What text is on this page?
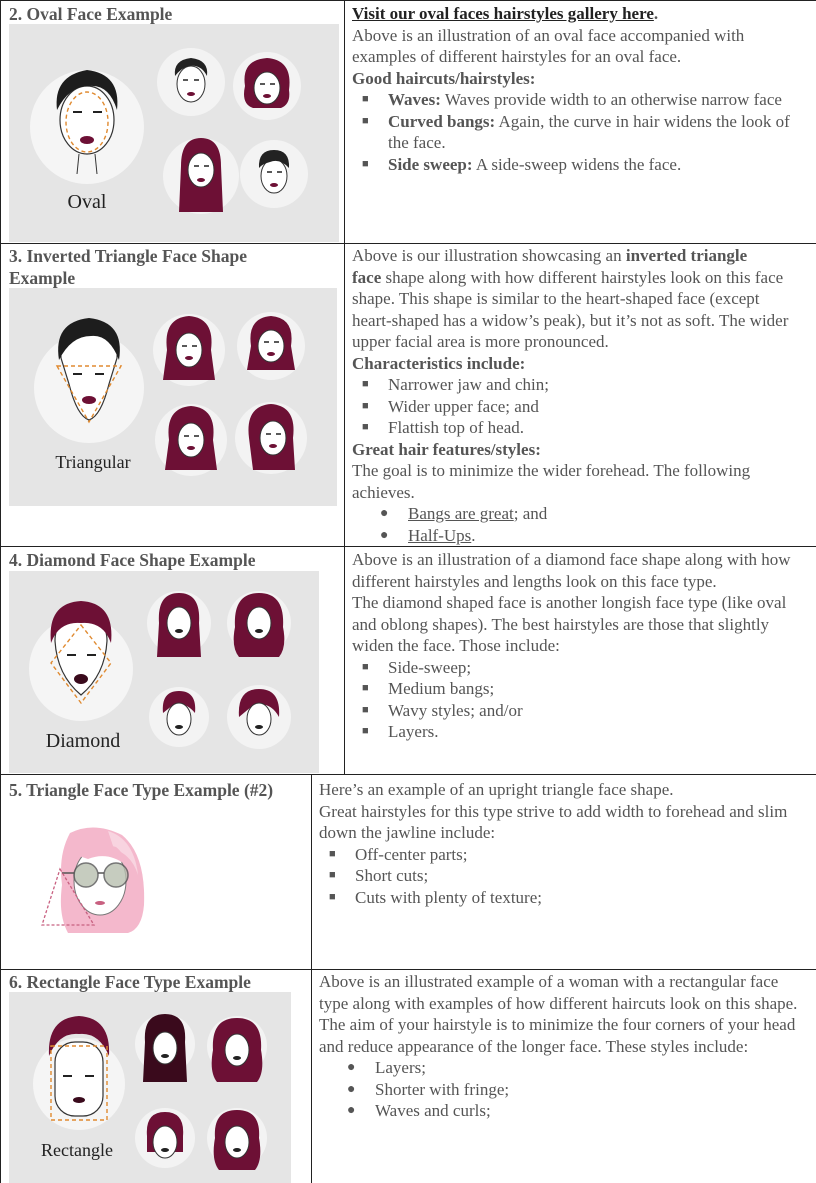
2. Oval Face Example
Oval

Visit our oval faces hairstyles gallery here.

Above is an illustration of an oval face accompanied with

examples of different hairstyles for an oval face.

Good haircuts/hairstyles:

■
Waves: Waves provide width to an otherwise narrow face
■
Curved bangs: Again, the curve in hair widens the look of
the face.
■
Side sweep: A side-sweep widens the face.
3. Inverted Triangle Face Shape
Example
Triangular

Above is our illustration showcasing an inverted triangle

face shape along with how different hairstyles look on this face

shape. This shape is similar to the heart-shaped face (except

heart-shaped has a widow’s peak), but it’s not as soft. The wider

upper facial area is more pronounced.

Characteristics include:

■
Narrower jaw and chin;
■
Wider upper face; and
■
Flattish top of head.

Great hair features/styles:

The goal is to minimize the wider forehead. The following

achieves.

●
Bangs are great; and
●
Half-Ups.
4. Diamond Face Shape Example
Diamond

Above is an illustration of a diamond face shape along with how

different hairstyles and lengths look on this face type.

The diamond shaped face is another longish face type (like oval

and oblong shapes). The best hairstyles are those that slightly

widen the face. Those include:

■
Side-sweep;
■
Medium bangs;
■
Wavy styles; and/or
■
Layers.
5. Triangle Face Type Example (#2)	Here’s an example of an upright triangle face shape.

Great hairstyles for this type strive to add width to forehead and slim

down the jawline include:

■
Off-center parts;
■
Short cuts;
■
Cuts with plenty of texture;
6. Rectangle Face Type Example
Rectangle

Above is an illustrated example of a woman with a rectangular face

type along with examples of how different haircuts look on this shape.

The aim of your hairstyle is to minimize the four corners of your head

and reduce appearance of the longer face. These styles include:

●
Layers;
●
Shorter with fringe;
●
Waves and curls;
